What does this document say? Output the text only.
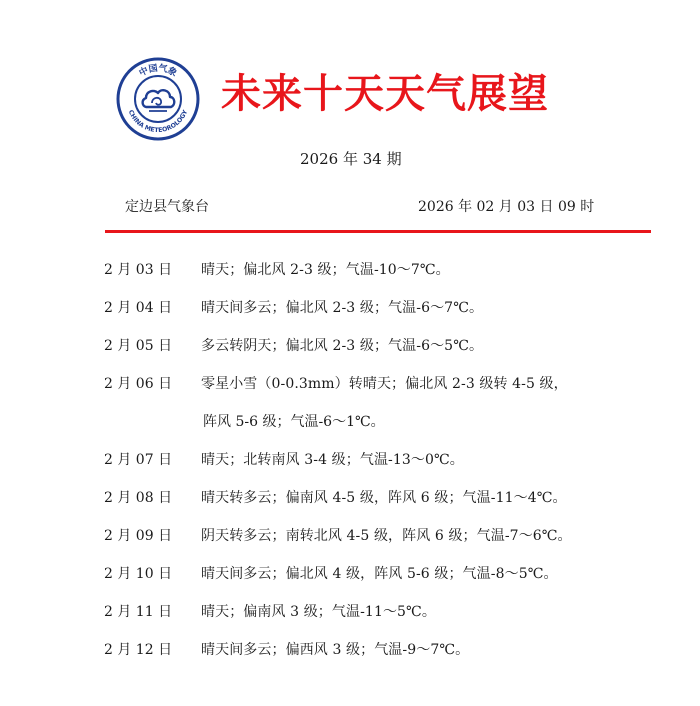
中国气象
CHINA METEOROLOGY 未来十天天气展望
2026 年 34 期
定边县气象台	2026 年 02 月 03 日 09 时
2 月 03 日 晴天；偏北风 2-3 级；气温-10～7℃。
2 月 04 日 晴天间多云；偏北风 2-3 级；气温-6～7℃。
2 月 05 日 多云转阴天；偏北风 2-3 级；气温-6～5℃。
2 月 06 日 零星小雪（0-0.3mm）转晴天；偏北风 2-3 级转 4-5 级，
阵风 5-6 级；气温-6～1℃。
2 月 07 日 晴天；北转南风 3-4 级；气温-13～0℃。
2 月 08 日 晴天转多云；偏南风 4-5 级，阵风 6 级；气温-11～4℃。
2 月 09 日 阴天转多云；南转北风 4-5 级，阵风 6 级；气温-7～6℃。
2 月 10 日 晴天间多云；偏北风 4 级，阵风 5-6 级；气温-8～5℃。
2 月 11 日 晴天；偏南风 3 级；气温-11～5℃。
2 月 12 日 晴天间多云；偏西风 3 级；气温-9～7℃。
